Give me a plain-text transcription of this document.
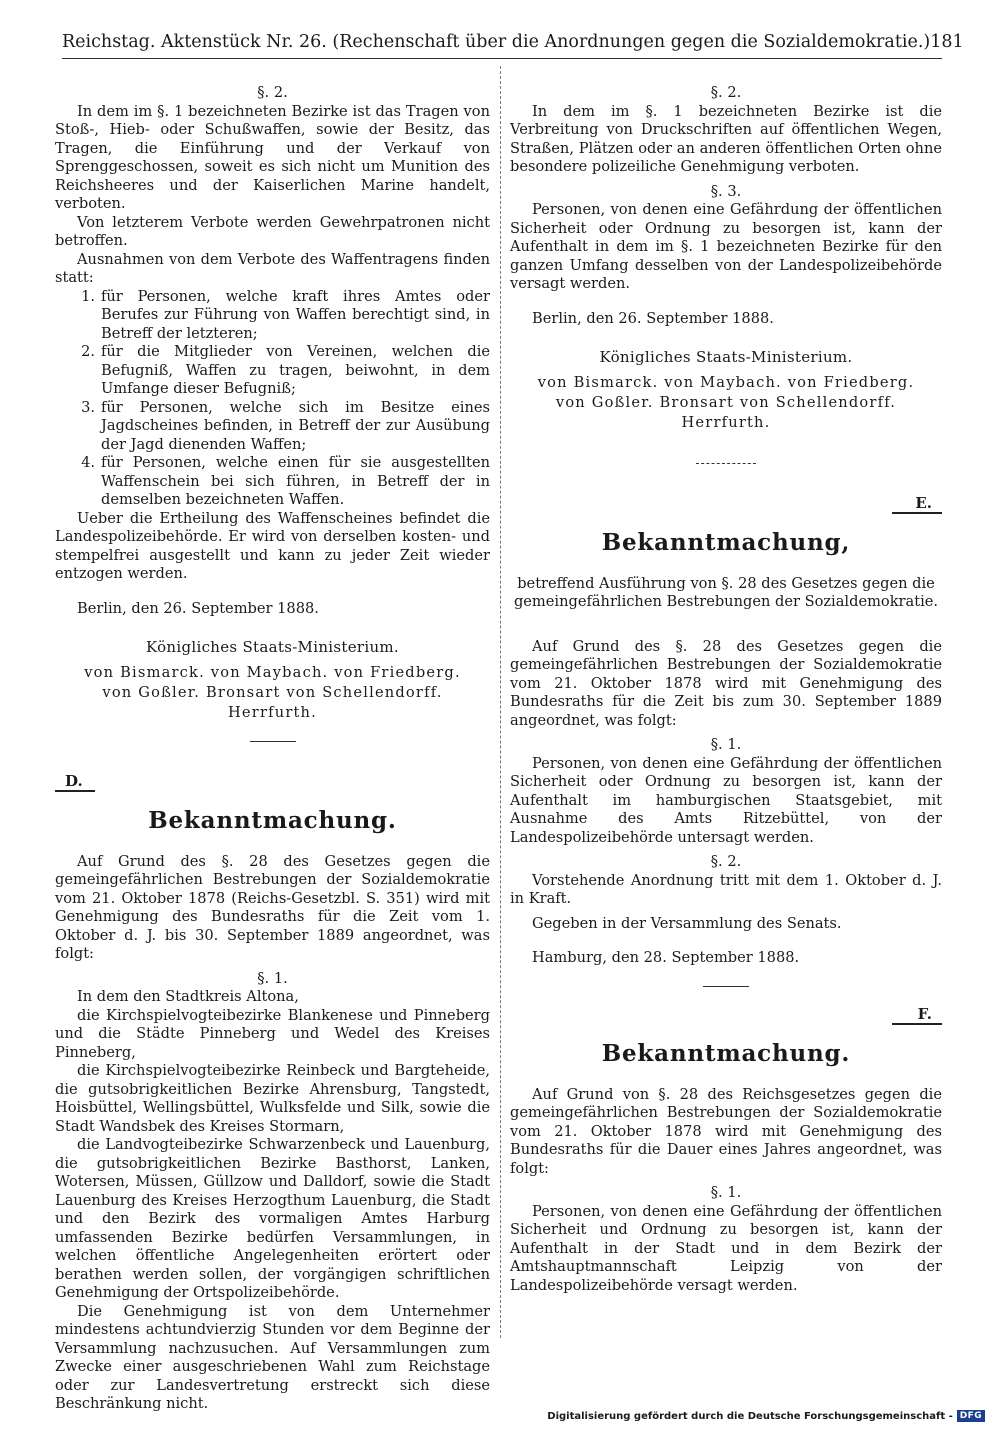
Reichstag. Aktenstück Nr. 26. (Rechenschaft über die Anordnungen gegen die Sozialdemokratie.) 181
§. 2.

In dem im §. 1 bezeichneten Bezirke ist das Tragen von Stoß-, Hieb- oder Schußwaffen, sowie der Besitz, das Tragen, die Einführung und der Verkauf von Sprenggeschossen, soweit es sich nicht um Munition des Reichsheeres und der Kaiserlichen Marine handelt, verboten.

Von letzterem Verbote werden Gewehrpatronen nicht betroffen.

Ausnahmen von dem Verbote des Waffentragens finden statt:

1. für Personen, welche kraft ihres Amtes oder Berufes zur Führung von Waffen berechtigt sind, in Betreff der letzteren;
2. für die Mitglieder von Vereinen, welchen die Befugniß, Waffen zu tragen, beiwohnt, in dem Umfange dieser Befugniß;
3. für Personen, welche sich im Besitze eines Jagdscheines befinden, in Betreff der zur Ausübung der Jagd dienenden Waffen;
4. für Personen, welche einen für sie ausgestellten Waffenschein bei sich führen, in Betreff der in demselben bezeichneten Waffen.

Ueber die Ertheilung des Waffenscheines befindet die Landespolizeibehörde. Er wird von derselben kosten- und stempelfrei ausgestellt und kann zu jeder Zeit wieder entzogen werden.

Berlin, den 26. September 1888.

Königliches Staats-Ministerium.
von Bismarck. von Maybach. von Friedberg.
von Goßler. Bronsart von Schellendorff.
Herrfurth.
D.
Bekanntmachung.

Auf Grund des §. 28 des Gesetzes gegen die gemeingefährlichen Bestrebungen der Sozialdemokratie vom 21. Oktober 1878 (Reichs-Gesetzbl. S. 351) wird mit Genehmigung des Bundesraths für die Zeit vom 1. Oktober d. J. bis 30. September 1889 angeordnet, was folgt:

§. 1.

In dem den Stadtkreis Altona,

die Kirchspielvogteibezirke Blankenese und Pinneberg und die Städte Pinneberg und Wedel des Kreises Pinneberg,

die Kirchspielvogteibezirke Reinbeck und Bargteheide, die gutsobrigkeitlichen Bezirke Ahrensburg, Tangstedt, Hoisbüttel, Wellingsbüttel, Wulksfelde und Silk, sowie die Stadt Wandsbek des Kreises Stormarn,

die Landvogteibezirke Schwarzenbeck und Lauenburg, die gutsobrigkeitlichen Bezirke Basthorst, Lanken, Wotersen, Müssen, Güllzow und Dalldorf, sowie die Stadt Lauenburg des Kreises Herzogthum Lauenburg, die Stadt und den Bezirk des vormaligen Amtes Harburg umfassenden Bezirke bedürfen Versammlungen, in welchen öffentliche Angelegenheiten erörtert oder berathen werden sollen, der vorgängigen schriftlichen Genehmigung der Ortspolizeibehörde.

Die Genehmigung ist von dem Unternehmer mindestens achtundvierzig Stunden vor dem Beginne der Versammlung nachzusuchen. Auf Versammlungen zum Zwecke einer ausgeschriebenen Wahl zum Reichstage oder zur Landesvertretung erstreckt sich diese Beschränkung nicht.

§. 2.

In dem im §. 1 bezeichneten Bezirke ist die Verbreitung von Druckschriften auf öffentlichen Wegen, Straßen, Plätzen oder an anderen öffentlichen Orten ohne besondere polizeiliche Genehmigung verboten.

§. 3.

Personen, von denen eine Gefährdung der öffentlichen Sicherheit oder Ordnung zu besorgen ist, kann der Aufenthalt in dem im §. 1 bezeichneten Bezirke für den ganzen Umfang desselben von der Landespolizeibehörde versagt werden.

Berlin, den 26. September 1888.

Königliches Staats-Ministerium.
von Bismarck. von Maybach. von Friedberg.
von Goßler. Bronsart von Schellendorff.
Herrfurth.
E.
Bekanntmachung,
betreffend Ausführung von §. 28 des Gesetzes gegen die gemeingefährlichen Bestrebungen der Sozialdemokratie.

Auf Grund des §. 28 des Gesetzes gegen die gemeingefährlichen Bestrebungen der Sozialdemokratie vom 21. Oktober 1878 wird mit Genehmigung des Bundesraths für die Zeit bis zum 30. September 1889 angeordnet, was folgt:

§. 1.

Personen, von denen eine Gefährdung der öffentlichen Sicherheit oder Ordnung zu besorgen ist, kann der Aufenthalt im hamburgischen Staatsgebiet, mit Ausnahme des Amts Ritzebüttel, von der Landespolizeibehörde untersagt werden.

§. 2.

Vorstehende Anordnung tritt mit dem 1. Oktober d. J. in Kraft.

Gegeben in der Versammlung des Senats.

Hamburg, den 28. September 1888.

F.
Bekanntmachung.

Auf Grund von §. 28 des Reichsgesetzes gegen die gemeingefährlichen Bestrebungen der Sozialdemokratie vom 21. Oktober 1878 wird mit Genehmigung des Bundesraths für die Dauer eines Jahres angeordnet, was folgt:

§. 1.

Personen, von denen eine Gefährdung der öffentlichen Sicherheit und Ordnung zu besorgen ist, kann der Aufenthalt in der Stadt und in dem Bezirk der Amtshauptmannschaft Leipzig von der Landespolizeibehörde versagt werden.

Digitalisierung gefördert durch die Deutsche Forschungsgemeinschaft - DFG
